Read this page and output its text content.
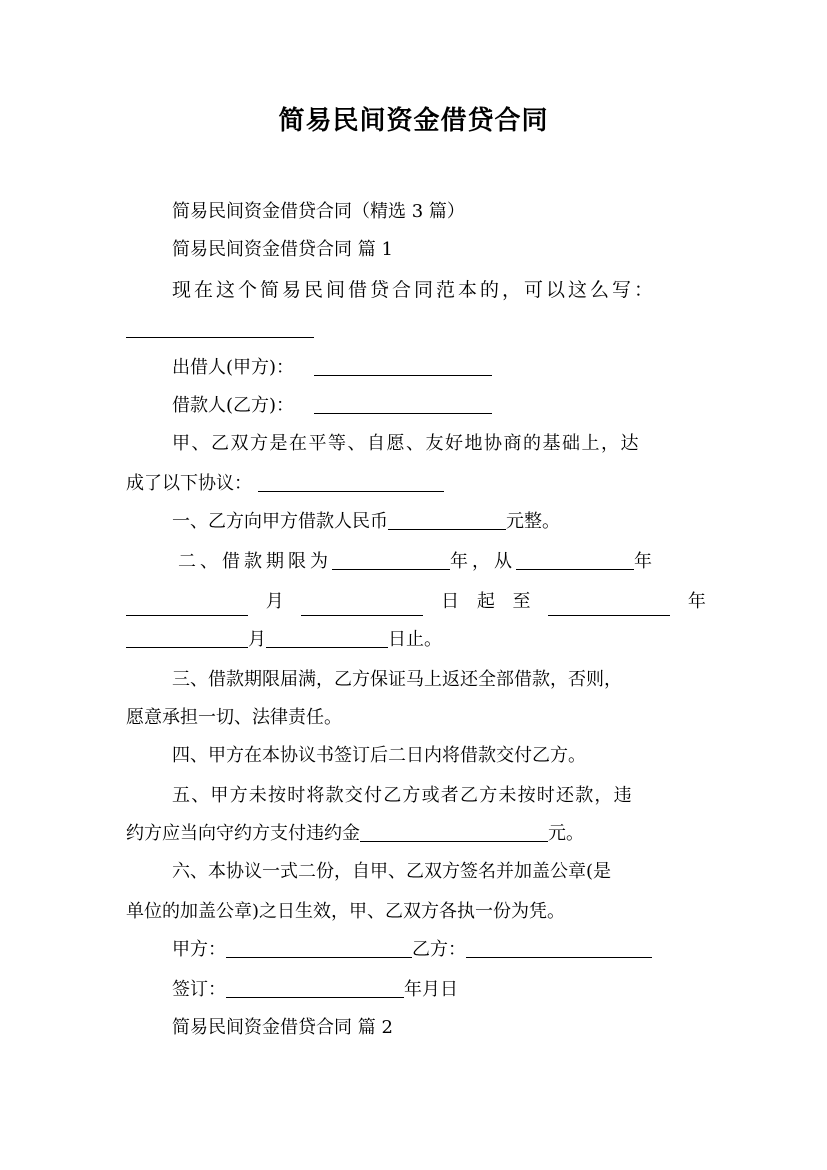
简易民间资金借贷合同
简易民间资金借贷合同（精选 3 篇）
简易民间资金借贷合同 篇 1
现在这个简易民间借贷合同范本的，可以这么写：
出借人(甲方)：
借款人(乙方)：
甲、乙双方是在平等、自愿、友好地协商的基础上，达
成了以下协议：
一、乙方向甲方借款人民币	元整。
二、借款期限为	年，从	年
月	日 起 至	年
月	日止。
三、借款期限届满，乙方保证马上返还全部借款，否则，
愿意承担一切、法律责任。
四、甲方在本协议书签订后二日内将借款交付乙方。
五、甲方未按时将款交付乙方或者乙方未按时还款，违
约方应当向守约方支付违约金	元。
六、本协议一式二份，自甲、乙双方签名并加盖公章(是
单位的加盖公章)之日生效，甲、乙双方各执一份为凭。
甲方：	乙方：
签订：	年月日
简易民间资金借贷合同 篇 2
